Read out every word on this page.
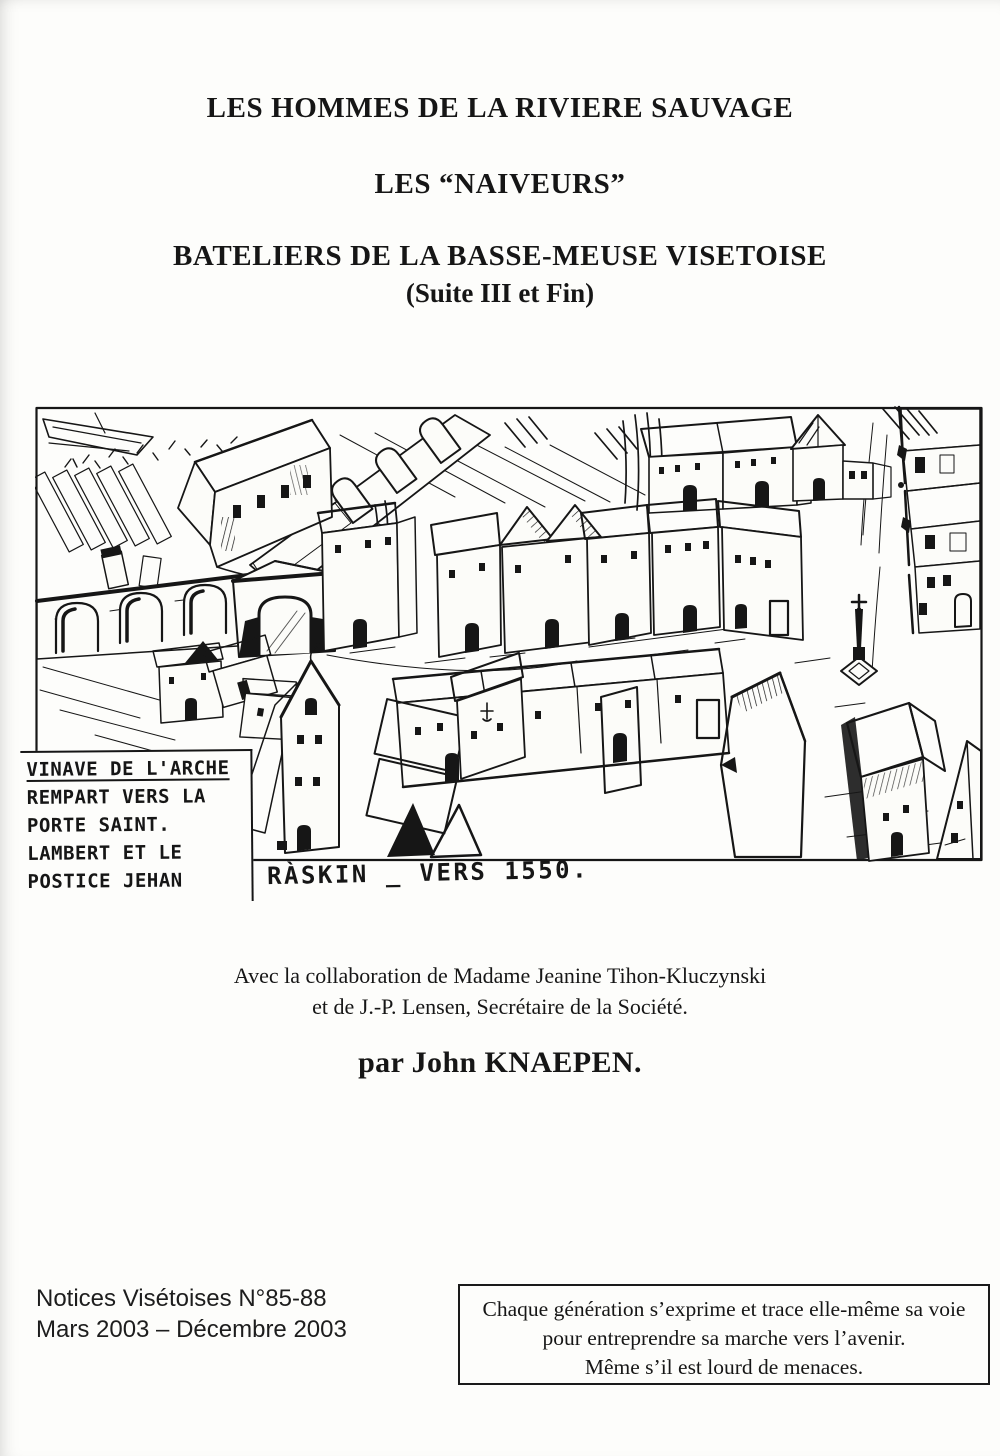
LES HOMMES DE LA RIVIERE SAUVAGE
LES “NAIVEURS”
BATELIERS DE LA BASSE-MEUSE VISETOISE
(Suite III et Fin)
VINAVE DE L'ARCHE
REMPART VERS LA
PORTE SAINT.
LAMBERT ET LE
POSTICE JEHAN	RÀSKIN _ VERS 1550.
Avec la collaboration de Madame Jeanine Tihon-Kluczynski
et de J.-P. Lensen, Secrétaire de la Société.
par John KNAEPEN.
Notices Visétoises N°85-88
Mars 2003 – Décembre 2003
Chaque génération s’exprime et trace elle-même sa voie
pour entreprendre sa marche vers l’avenir.
Même s’il est lourd de menaces.
